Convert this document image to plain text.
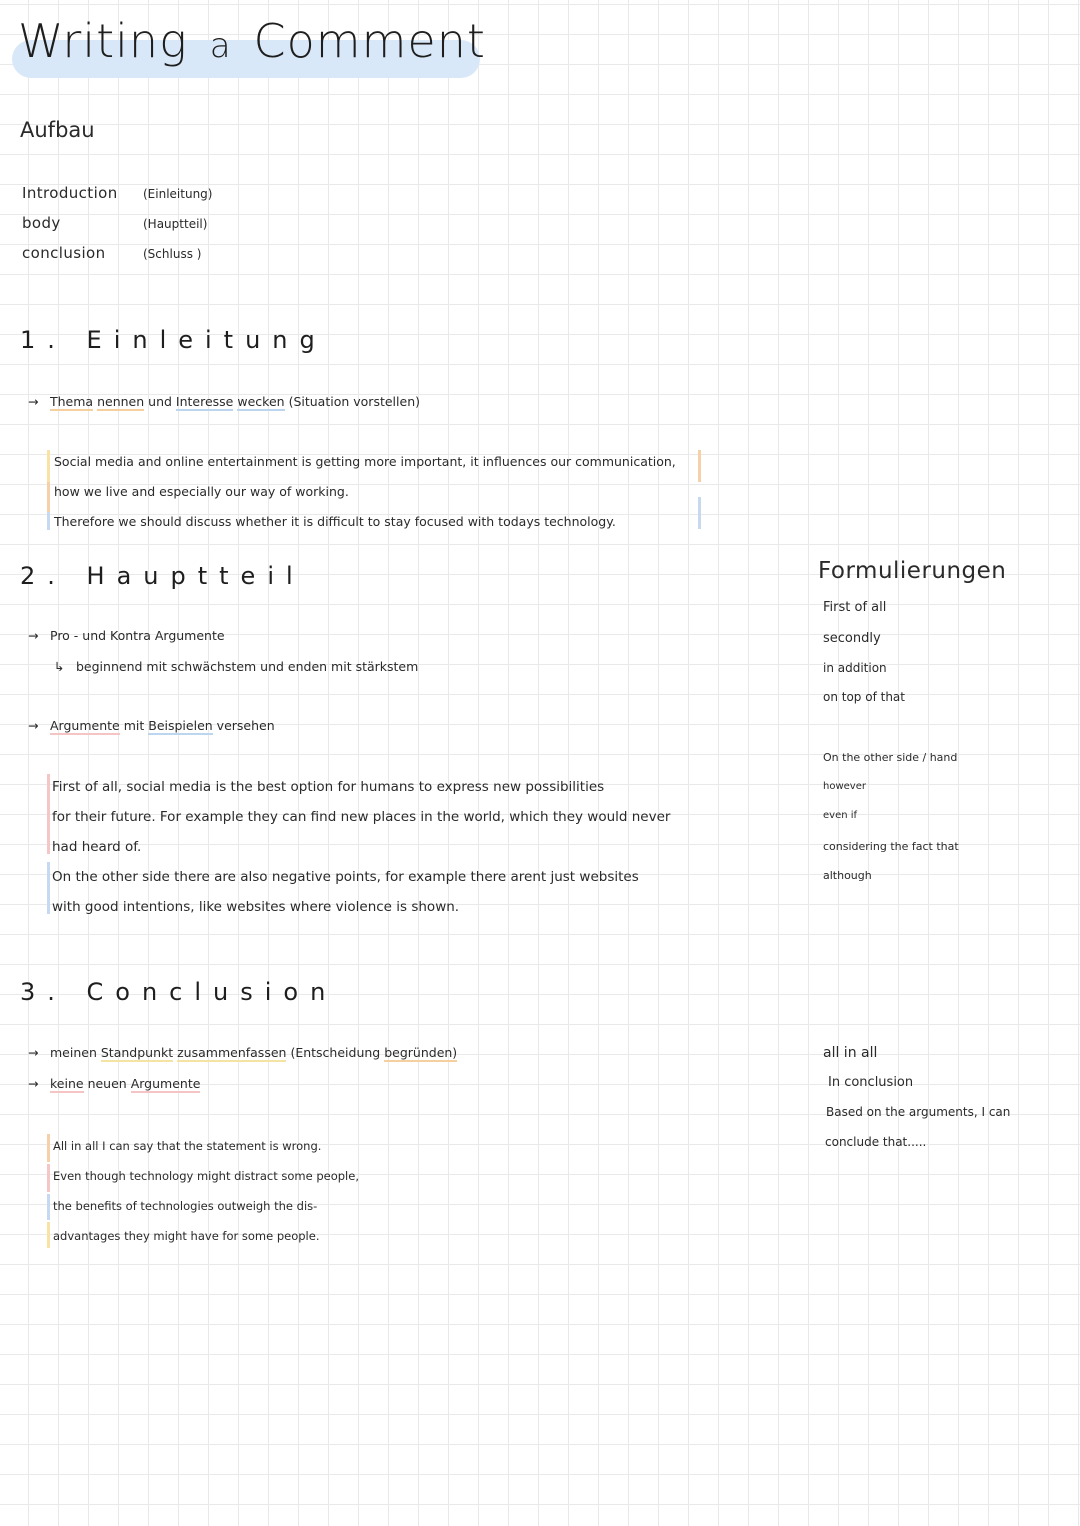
Writing a Comment
Aufbau
Introduction (Einleitung)
body	(Hauptteil)
conclusion	(Schluss )
1. Einleitung
→ Thema nennen und Interesse wecken (Situation vorstellen)
Social media and online entertainment is getting more important, it influences our communication,
how we live and especially our way of working.
Therefore we should discuss whether it is difficult to stay focused with todays technology.
2. Hauptteil
→ Pro - und Kontra Argumente
↳ beginnend mit schwächstem und enden mit stärkstem
→ Argumente mit Beispielen versehen
First of all, social media is the best option for humans to express new possibilities
for their future. For example they can find new places in the world, which they would never
had heard of.
On the other side there are also negative points, for example there arent just websites
with good intentions, like websites where violence is shown.
3. Conclusion
→ meinen Standpunkt zusammenfassen (Entscheidung begründen)
→ keine neuen Argumente
All in all I can say that the statement is wrong.
Even though technology might distract some people,
the benefits of technologies outweigh the dis-
advantages they might have for some people.
Formulierungen
First of all
secondly
in addition
on top of that
On the other side / hand
however
even if
considering the fact that
although
all in all
In conclusion
Based on the arguments, I can
conclude that.....
